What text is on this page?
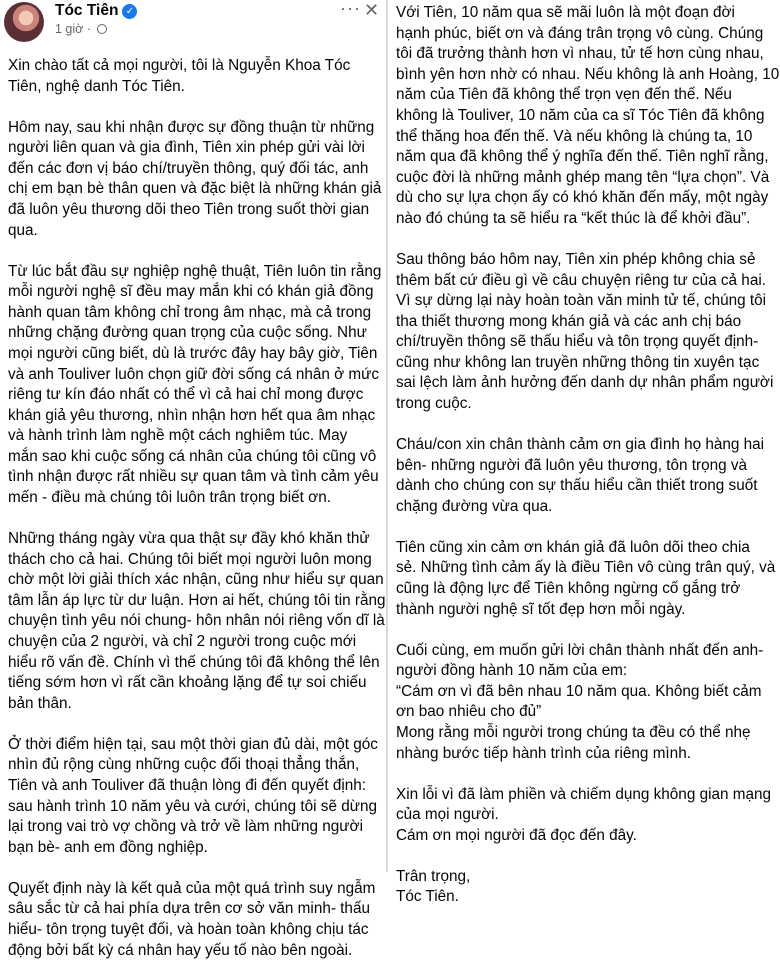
Tóc Tiên ✓
1 giờ ·
··· ✕

Xin chào tất cả mọi người, tôi là Nguyễn Khoa Tóc
Tiên, nghệ danh Tóc Tiên.

Hôm nay, sau khi nhận được sự đồng thuận từ những
người liên quan và gia đình, Tiên xin phép gửi vài lời
đến các đơn vị báo chí/truyền thông, quý đối tác, anh
chị em bạn bè thân quen và đặc biệt là những khán giả
đã luôn yêu thương dõi theo Tiên trong suốt thời gian
qua.

Từ lúc bắt đầu sự nghiệp nghệ thuật, Tiên luôn tin rằng
mỗi người nghệ sĩ đều may mắn khi có khán giả đồng
hành quan tâm không chỉ trong âm nhạc, mà cả trong
những chặng đường quan trọng của cuộc sống. Như
mọi người cũng biết, dù là trước đây hay bây giờ, Tiên
và anh Touliver luôn chọn giữ đời sống cá nhân ở mức
riêng tư kín đáo nhất có thể vì cả hai chỉ mong được
khán giả yêu thương, nhìn nhận hơn hết qua âm nhạc
và hành trình làm nghề một cách nghiêm túc. May
mắn sao khi cuộc sống cá nhân của chúng tôi cũng vô
tình nhận được rất nhiều sự quan tâm và tình cảm yêu
mến - điều mà chúng tôi luôn trân trọng biết ơn.

Những tháng ngày vừa qua thật sự đầy khó khăn thử
thách cho cả hai. Chúng tôi biết mọi người luôn mong
chờ một lời giải thích xác nhận, cũng như hiểu sự quan
tâm lẫn áp lực từ dư luận. Hơn ai hết, chúng tôi tin rằng
chuyện tình yêu nói chung- hôn nhân nói riêng vốn dĩ là
chuyện của 2 người, và chỉ 2 người trong cuộc mới
hiểu rõ vấn đề. Chính vì thế chúng tôi đã không thể lên
tiếng sớm hơn vì rất cần khoảng lặng để tự soi chiếu
bản thân.

Ở thời điểm hiện tại, sau một thời gian đủ dài, một góc
nhìn đủ rộng cùng những cuộc đối thoại thẳng thắn,
Tiên và anh Touliver đã thuận lòng đi đến quyết định:
sau hành trình 10 năm yêu và cưới, chúng tôi sẽ dừng
lại trong vai trò vợ chồng và trở về làm những người
bạn bè- anh em đồng nghiệp.

Quyết định này là kết quả của một quá trình suy ngẫm
sâu sắc từ cả hai phía dựa trên cơ sở văn minh- thấu
hiểu- tôn trọng tuyệt đối, và hoàn toàn không chịu tác
động bởi bất kỳ cá nhân hay yếu tố nào bên ngoài.

Với Tiên, 10 năm qua sẽ mãi luôn là một đoạn đời
hạnh phúc, biết ơn và đáng trân trọng vô cùng. Chúng
tôi đã trưởng thành hơn vì nhau, tử tế hơn cùng nhau,
bình yên hơn nhờ có nhau. Nếu không là anh Hoàng, 10
năm của Tiên đã không thể trọn vẹn đến thế. Nếu
không là Touliver, 10 năm của ca sĩ Tóc Tiên đã không
thể thăng hoa đến thế. Và nếu không là chúng ta, 10
năm qua đã không thể ý nghĩa đến thế. Tiên nghĩ rằng,
cuộc đời là những mảnh ghép mang tên “lựa chọn”. Và
dù cho sự lựa chọn ấy có khó khăn đến mấy, một ngày
nào đó chúng ta sẽ hiểu ra “kết thúc là để khởi đầu”.

Sau thông báo hôm nay, Tiên xin phép không chia sẻ
thêm bất cứ điều gì về câu chuyện riêng tư của cả hai.
Vì sự dừng lại này hoàn toàn văn minh tử tế, chúng tôi
tha thiết thương mong khán giả và các anh chị báo
chí/truyền thông sẽ thấu hiểu và tôn trọng quyết định-
cũng như không lan truyền những thông tin xuyên tạc
sai lệch làm ảnh hưởng đến danh dự nhân phẩm người
trong cuộc.

Cháu/con xin chân thành cảm ơn gia đình họ hàng hai
bên- những người đã luôn yêu thương, tôn trọng và
dành cho chúng con sự thấu hiểu cần thiết trong suốt
chặng đường vừa qua.

Tiên cũng xin cảm ơn khán giả đã luôn dõi theo chia
sẻ. Những tình cảm ấy là điều Tiên vô cùng trân quý, và
cũng là động lực để Tiên không ngừng cố gắng trở
thành người nghệ sĩ tốt đẹp hơn mỗi ngày.

Cuối cùng, em muốn gửi lời chân thành nhất đến anh-
người đồng hành 10 năm của em:
“Cám ơn vì đã bên nhau 10 năm qua. Không biết cảm
ơn bao nhiêu cho đủ”
Mong rằng mỗi người trong chúng ta đều có thể nhẹ
nhàng bước tiếp hành trình của riêng mình.

Xin lỗi vì đã làm phiền và chiếm dụng không gian mạng
của mọi người.
Cám ơn mọi người đã đọc đến đây.

Trân trọng,
Tóc Tiên.
